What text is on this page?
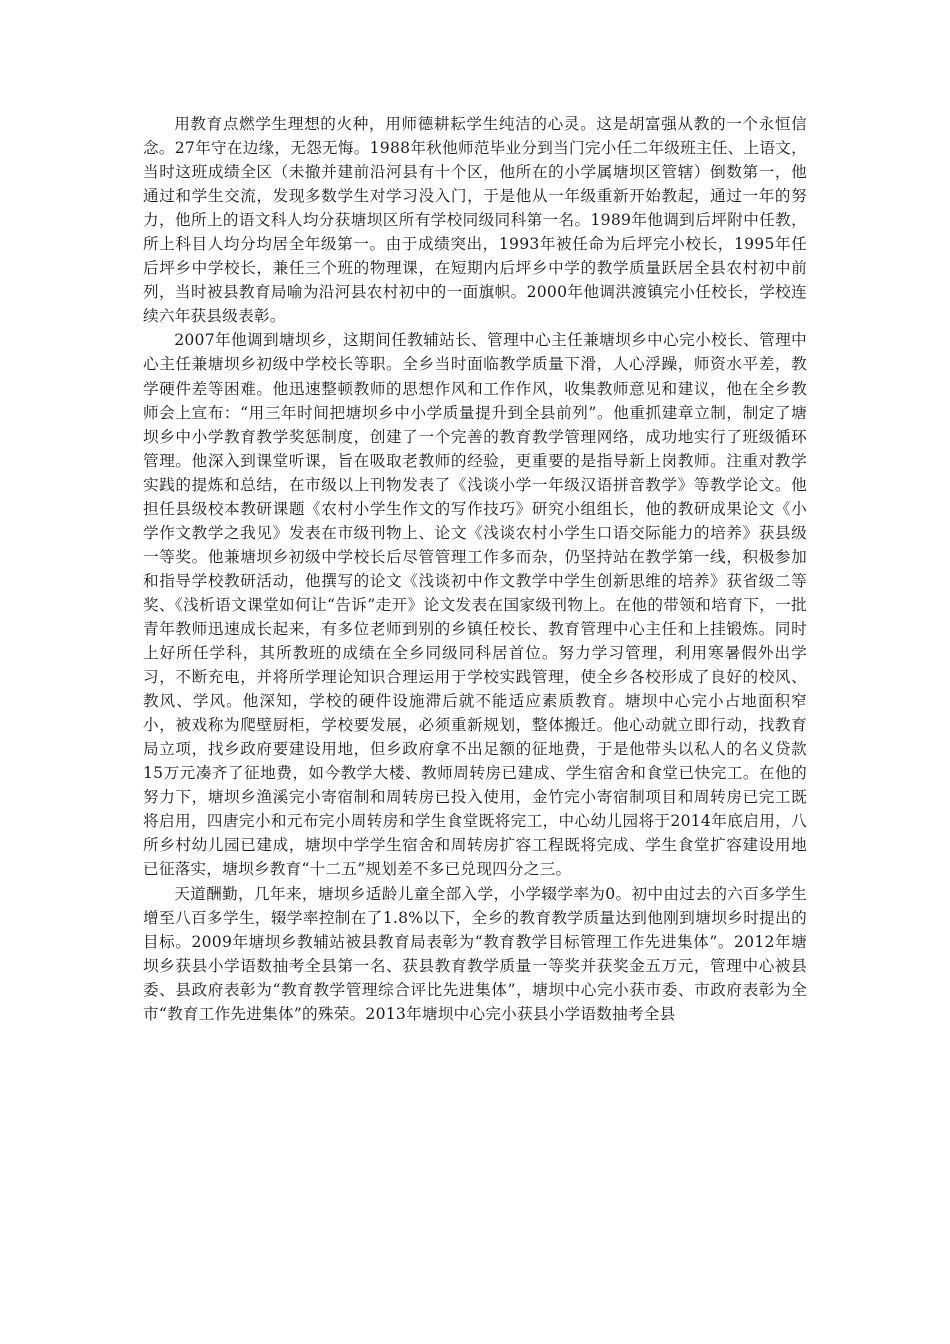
用教育点燃学生理想的火种，用师德耕耘学生纯洁的心灵。这是胡富强从教的一个永恒信念。27年守在边缘，无怨无悔。1988年秋他师范毕业分到当门完小任二年级班主任、上语文，当时这班成绩全区（未撤并建前沿河县有十个区，他所在的小学属塘坝区管辖）倒数第一，他通过和学生交流，发现多数学生对学习没入门，于是他从一年级重新开始教起，通过一年的努力，他所上的语文科人均分获塘坝区所有学校同级同科第一名。1989年他调到后坪附中任教，所上科目人均分均居全年级第一。由于成绩突出，1993年被任命为后坪完小校长，1995年任后坪乡中学校长，兼任三个班的物理课，在短期内后坪乡中学的教学质量跃居全县农村初中前列，当时被县教育局喻为沿河县农村初中的一面旗帜。2000年他调洪渡镇完小任校长，学校连续六年获县级表彰。

2007年他调到塘坝乡，这期间任教辅站长、管理中心主任兼塘坝乡中心完小校长、管理中心主任兼塘坝乡初级中学校长等职。全乡当时面临教学质量下滑，人心浮躁，师资水平差，教学硬件差等困难。他迅速整顿教师的思想作风和工作作风，收集教师意见和建议，他在全乡教师会上宣布：“用三年时间把塘坝乡中小学质量提升到全县前列”。他重抓建章立制，制定了塘坝乡中小学教育教学奖惩制度，创建了一个完善的教育教学管理网络，成功地实行了班级循环管理。他深入到课堂听课，旨在吸取老教师的经验，更重要的是指导新上岗教师。注重对教学实践的提炼和总结，在市级以上刊物发表了《浅谈小学一年级汉语拼音教学》等教学论文。他担任县级校本教研课题《农村小学生作文的写作技巧》研究小组组长，他的教研成果论文《小学作文教学之我见》发表在市级刊物上、论文《浅谈农村小学生口语交际能力的培养》获县级一等奖。他兼塘坝乡初级中学校长后尽管管理工作多而杂，仍坚持站在教学第一线，积极参加和指导学校教研活动，他撰写的论文《浅谈初中作文教学中学生创新思维的培养》获省级二等奖、《浅析语文课堂如何让“告诉”走开》论文发表在国家级刊物上。在他的带领和培育下，一批青年教师迅速成长起来，有多位老师到别的乡镇任校长、教育管理中心主任和上挂锻炼。同时上好所任学科，其所教班的成绩在全乡同级同科居首位。努力学习管理，利用寒暑假外出学习，不断充电，并将所学理论知识合理运用于学校实践管理，使全乡各校形成了良好的校风、教风、学风。他深知，学校的硬件设施滞后就不能适应素质教育。塘坝中心完小占地面积窄小，被戏称为爬壁厨柜，学校要发展，必须重新规划，整体搬迁。他心动就立即行动，找教育局立项，找乡政府要建设用地，但乡政府拿不出足额的征地费，于是他带头以私人的名义贷款15万元凑齐了征地费，如今教学大楼、教师周转房已建成、学生宿舍和食堂已快完工。在他的努力下，塘坝乡渔溪完小寄宿制和周转房已投入使用，金竹完小寄宿制项目和周转房已完工既将启用，四唐完小和元布完小周转房和学生食堂既将完工，中心幼儿园将于2014年底启用，八所乡村幼儿园已建成，塘坝中学学生宿舍和周转房扩容工程既将完成、学生食堂扩容建设用地已征落实，塘坝乡教育“十二五”规划差不多已兑现四分之三。

天道酬勤，几年来，塘坝乡适龄儿童全部入学，小学辍学率为0。初中由过去的六百多学生增至八百多学生，辍学率控制在了1.8%以下，全乡的教育教学质量达到他刚到塘坝乡时提出的目标。2009年塘坝乡教辅站被县教育局表彰为“教育教学目标管理工作先进集体”。2012年塘坝乡获县小学语数抽考全县第一名、获县教育教学质量一等奖并获奖金五万元，管理中心被县委、县政府表彰为“教育教学管理综合评比先进集体”，塘坝中心完小获市委、市政府表彰为全市“教育工作先进集体”的殊荣。2013年塘坝中心完小获县小学语数抽考全县
